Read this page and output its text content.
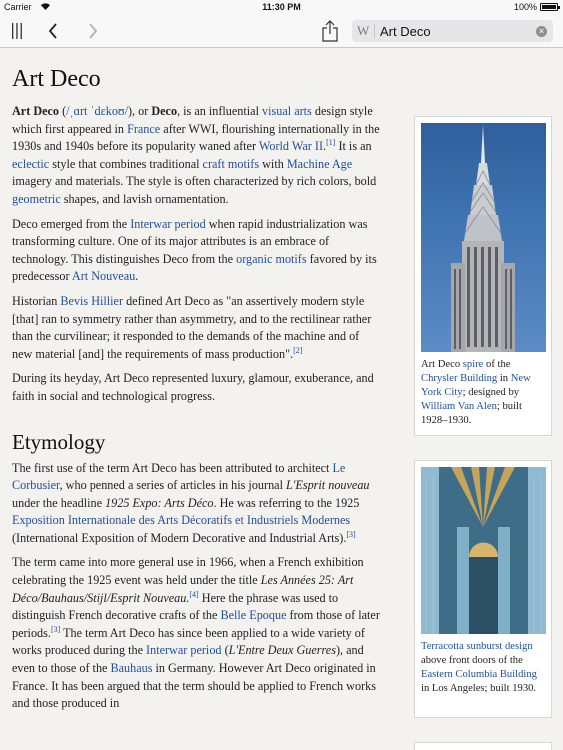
Carrier	11:30 PM	100%
W
Art Deco	×
Art Deco

Art Deco (/ˌɑrt ˈdɛkoʊ/), or Deco, is an influential visual arts design style which first appeared in France after WWI, flourishing internationally in the 1930s and 1940s before its popularity waned after World War II.[1] It is an eclectic style that combines traditional craft motifs with Machine Age imagery and materials. The style is often characterized by rich colors, bold geometric shapes, and lavish ornamentation.

Deco emerged from the Interwar period when rapid industrialization was transforming culture. One of its major attributes is an embrace of technology. This distinguishes Deco from the organic motifs favored by its predecessor Art Nouveau.

Historian Bevis Hillier defined Art Deco as "an assertively modern style [that] ran to symmetry rather than asymmetry, and to the rectilinear rather than the curvilinear; it responded to the demands of the machine and of new material [and] the requirements of mass production".[2]

During its heyday, Art Deco represented luxury, glamour, exuberance, and faith in social and technological progress.

Etymology

The first use of the term Art Deco has been attributed to architect Le Corbusier, who penned a series of articles in his journal L'Esprit nouveau under the headline 1925 Expo: Arts Déco. He was referring to the 1925 Exposition Internationale des Arts Décoratifs et Industriels Modernes (International Exposition of Modern Decorative and Industrial Arts).[3]

The term came into more general use in 1966, when a French exhibition celebrating the 1925 event was held under the title Les Années 25: Art Déco/Bauhaus/Stijl/Esprit Nouveau.[4] Here the phrase was used to distinguish French decorative crafts of the Belle Epoque from those of later periods.[3] The term Art Deco has since been applied to a wide variety of works produced during the Interwar period (L'Entre Deux Guerres), and even to those of the Bauhaus in Germany. However Art Deco originated in France. It has been argued that the term should be applied to French works and those produced in

Art Deco spire of the Chrysler Building in New York City; designed by William Van Alen; built 1928–1930.
Terracotta sunburst design above front doors of the Eastern Columbia Building in Los Angeles; built 1930.
